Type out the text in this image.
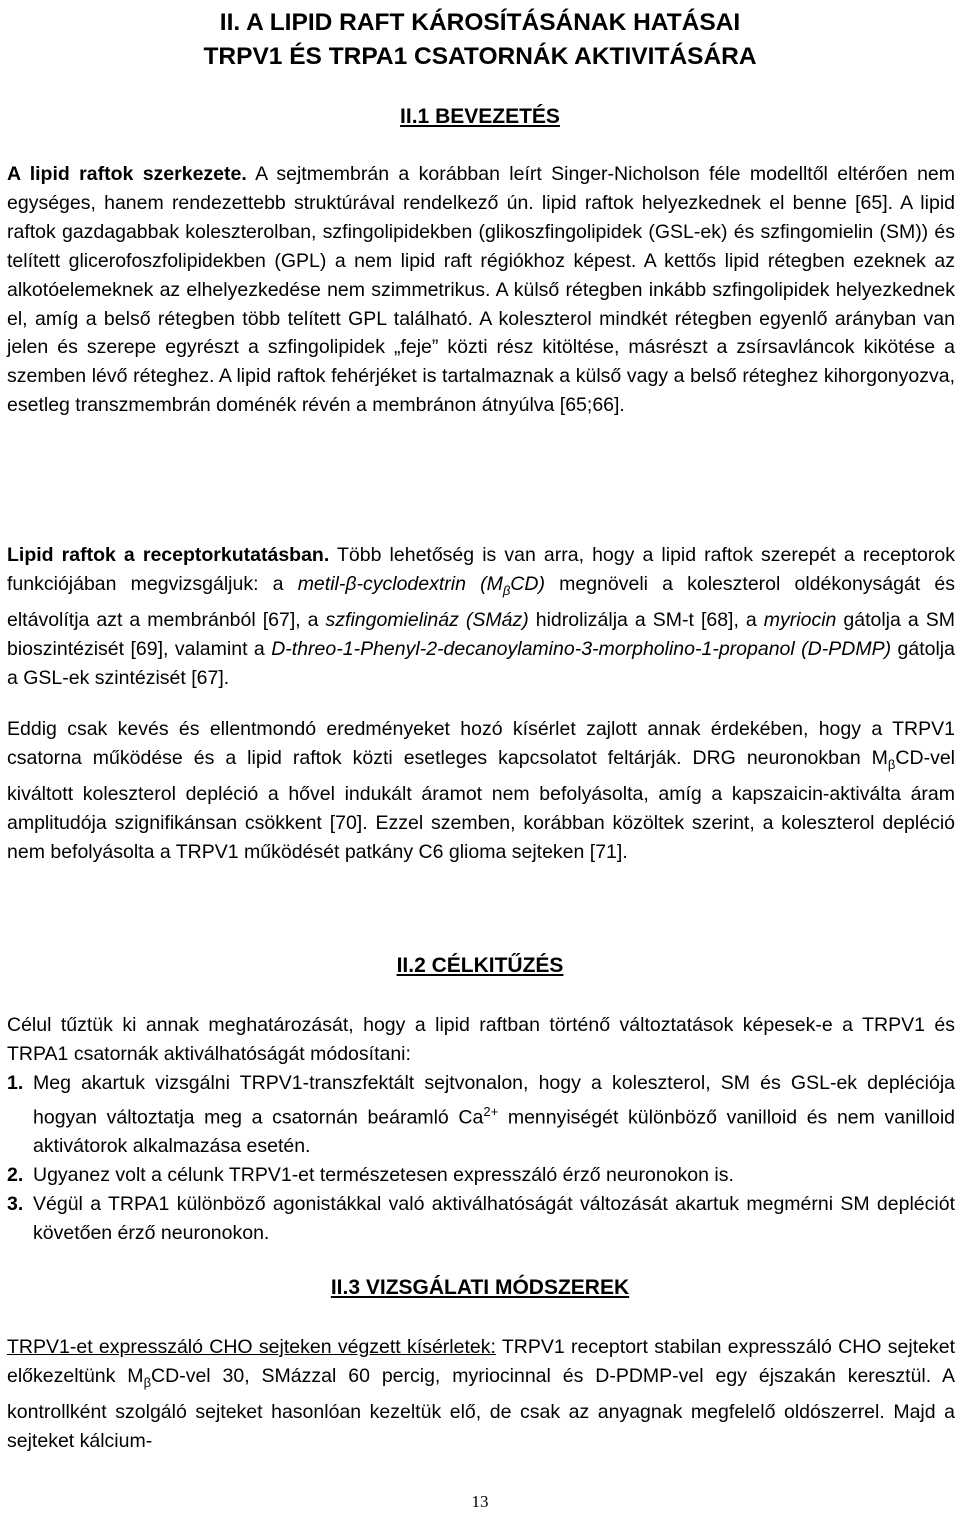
II. A LIPID RAFT KÁROSÍTÁSÁNAK HATÁSAI
TRPV1 ÉS TRPA1 CSATORNÁK AKTIVITÁSÁRA
II.1 BEVEZETÉS

A lipid raftok szerkezete. A sejtmembrán a korábban leírt Singer-Nicholson féle modelltől eltérően nem egységes, hanem rendezettebb struktúrával rendelkező ún. lipid raftok helyezkednek el benne [65]. A lipid raftok gazdagabbak koleszterolban, szfingolipidekben (glikoszfingolipidek (GSL-ek) és szfingomielin (SM)) és telített glicerofoszfolipidekben (GPL) a nem lipid raft régiókhoz képest. A kettős lipid rétegben ezeknek az alkotóelemeknek az elhelyezkedése nem szimmetrikus. A külső rétegben inkább szfingolipidek helyezkednek el, amíg a belső rétegben több telített GPL található. A koleszterol mindkét rétegben egyenlő arányban van jelen és szerepe egyrészt a szfingolipidek „feje” közti rész kitöltése, másrészt a zsírsavláncok kikötése a szemben lévő réteghez. A lipid raftok fehérjéket is tartalmaznak a külső vagy a belső réteghez kihorgonyozva, esetleg transzmembrán doménék révén a membránon átnyúlva [65;66].

Lipid raftok a receptorkutatásban. Több lehetőség is van arra, hogy a lipid raftok szerepét a receptorok funkciójában megvizsgáljuk: a metil-β-cyclodextrin $(M_\beta CD)$ megnöveli a koleszterol oldékonyságát és eltávolítja azt a membránból [67], a szfingomielináz (SMáz) hidrolizálja a SM-t [68], a myriocin gátolja a SM bioszintézisét [69], valamint a D-threo-1-Phenyl-2-decanoylamino-3-morpholino-1-propanol (D-PDMP) gátolja a GSL-ek szintézisét [67].

Eddig csak kevés és ellentmondó eredményeket hozó kísérlet zajlott annak érdekében, hogy a TRPV1 csatorna működése és a lipid raftok közti esetleges kapcsolatot feltárják. DRG neuronokban $M_\beta CD$-vel kiváltott koleszterol depléció a hővel indukált áramot nem befolyásolta, amíg a kapszaicin-aktiválta áram amplitudója szignifikánsan csökkent [70]. Ezzel szemben, korábban közöltek szerint, a koleszterol depléció nem befolyásolta a TRPV1 működését patkány C6 glioma sejteken [71].

II.2 CÉLKITŰZÉS

Célul tűztük ki annak meghatározását, hogy a lipid raftban történő változtatások képesek-e a TRPV1 és TRPA1 csatornák aktiválhatóságát módosítani:

1. Meg akartuk vizsgálni TRPV1-transzfektált sejtvonalon, hogy a koleszterol, SM és GSL-ek depléciója hogyan változtatja meg a csatornán beáramló $Ca^{2+}$ mennyiségét különböző vanilloid és nem vanilloid aktivátorok alkalmazása esetén.
2. Ugyanez volt a célunk TRPV1-et természetesen expresszáló érző neuronokon is.
3. Végül a TRPA1 különböző agonistákkal való aktiválhatóságát változását akartuk megmérni SM depléciót követően érző neuronokon.
II.3 VIZSGÁLATI MÓDSZEREK

TRPV1-et expresszáló CHO sejteken végzett kísérletek: TRPV1 receptort stabilan expresszáló CHO sejteket előkezeltünk $M_\beta CD$-vel 30, SMázzal 60 percig, myriocinnal és D-PDMP-vel egy éjszakán keresztül. A kontrollként szolgáló sejteket hasonlóan kezeltük elő, de csak az anyagnak megfelelő oldószerrel. Majd a sejteket kálcium-

13
